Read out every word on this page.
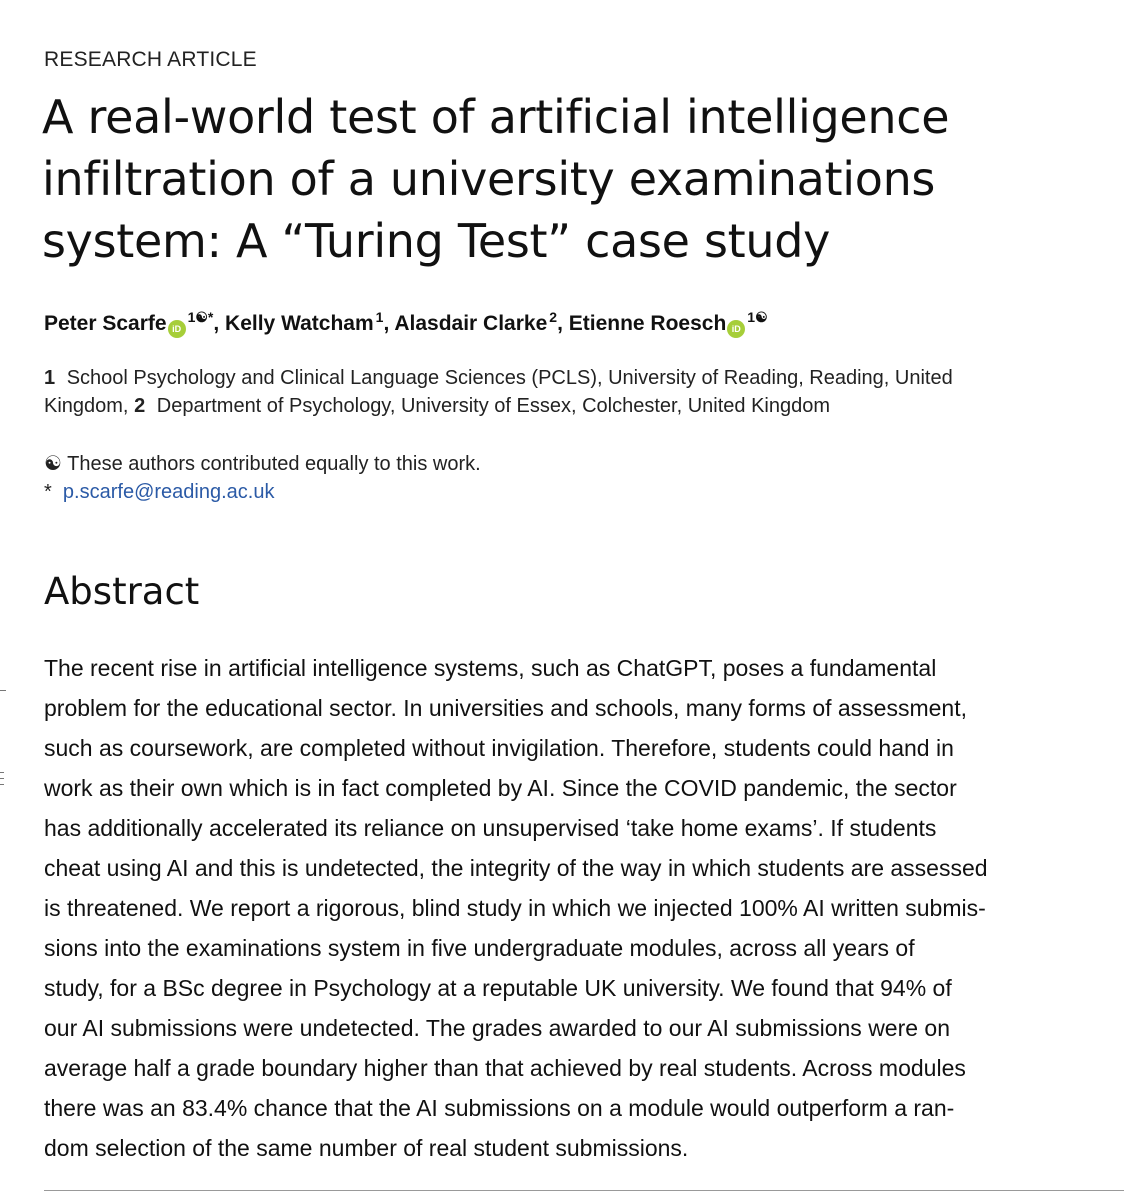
RESEARCH ARTICLE
A real-world test of artificial intelligence
infiltration of a university examinations
system: A “Turing Test” case study
Peter Scarfe $iD^{1☯*}$, Kelly Watcham $^1$, Alasdair Clarke $^2$, Etienne Roesch $iD^{1☯}$
1 School Psychology and Clinical Language Sciences (PCLS), University of Reading, Reading, United
Kingdom, 2 Department of Psychology, University of Essex, Colchester, United Kingdom
☯ These authors contributed equally to this work.
* p.scarfe@reading.ac.uk
Abstract
The recent rise in artificial intelligence systems, such as ChatGPT, poses a fundamental
problem for the educational sector. In universities and schools, many forms of assessment,
such as coursework, are completed without invigilation. Therefore, students could hand in
work as their own which is in fact completed by AI. Since the COVID pandemic, the sector
has additionally accelerated its reliance on unsupervised ‘take home exams’. If students
cheat using AI and this is undetected, the integrity of the way in which students are assessed
is threatened. We report a rigorous, blind study in which we injected 100% AI written submis-
sions into the examinations system in five undergraduate modules, across all years of
study, for a BSc degree in Psychology at a reputable UK university. We found that 94% of
our AI submissions were undetected. The grades awarded to our AI submissions were on
average half a grade boundary higher than that achieved by real students. Across modules
there was an 83.4% chance that the AI submissions on a module would outperform a ran-
dom selection of the same number of real student submissions.
